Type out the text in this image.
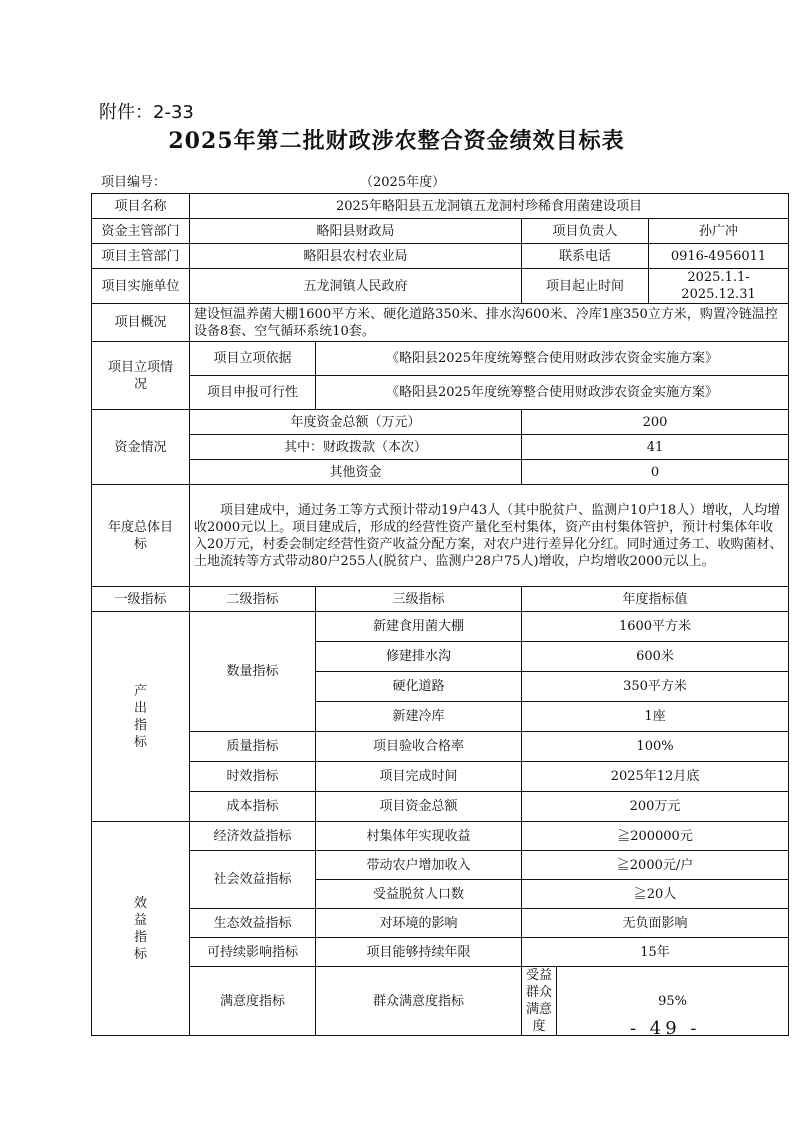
附件：2-33
2025年第二批财政涉农整合资金绩效目标表
项目编号：	（2025年度）
项目名称	2025年略阳县五龙洞镇五龙洞村珍稀食用菌建设项目				
资金主管部门	略阳县财政局		项目负责人		孙广冲
项目主管部门	略阳县农村农业局		联系电话		0916-4956011
项目实施单位	五龙洞镇人民政府		项目起止时间		2025.1.1-2025.12.31
项目概况	建设恒温养菌大棚1600平方米、硬化道路350米、排水沟600米、冷库1座350立方米，购置冷链温控设备8套、空气循环系统10套。				
项目立项情　况	项目立项依据	《略阳县2025年度统筹整合使用财政涉农资金实施方案》			
	项目申报可行性	《略阳县2025年度统筹整合使用财政涉农资金实施方案》			
资金情况	年度资金总额（万元）		200		
	其中：财政拨款（本次）		41		
	其他资金		0		
年度总体目　标	项目建成中，通过务工等方式预计带动19户43人（其中脱贫户、监测户10户18人）增收，人均增收2000元以上。项目建成后，形成的经营性资产量化至村集体，资产由村集体管护，预计村集体年收入20万元，村委会制定经营性资产收益分配方案，对农户进行差异化分红。同时通过务工、收购菌材、土地流转等方式带动80户255人(脱贫户、监测户28户75人)增收，户均增收2000元以上。				
一级指标	二级指标	三级指标	年度指标值		
产出指标	数量指标	新建食用菌大棚	1600平方米		
		修建排水沟	600米		
		硬化道路	350平方米		
		新建冷库	1座		
	质量指标	项目验收合格率	100%		
	时效指标	项目完成时间	2025年12月底		
	成本指标	项目资金总额	200万元		
效益指标	经济效益指标	村集体年实现收益	≧200000元		
	社会效益指标	带动农户增加收入	≧2000元/户		
		受益脱贫人口数	≧20人		
	生态效益指标	对环境的影响	无负面影响		
	可持续影响指标	项目能够持续年限	15年		
	满意度指标	群众满意度指标	受益群众满意度	95%	
- 49 -
